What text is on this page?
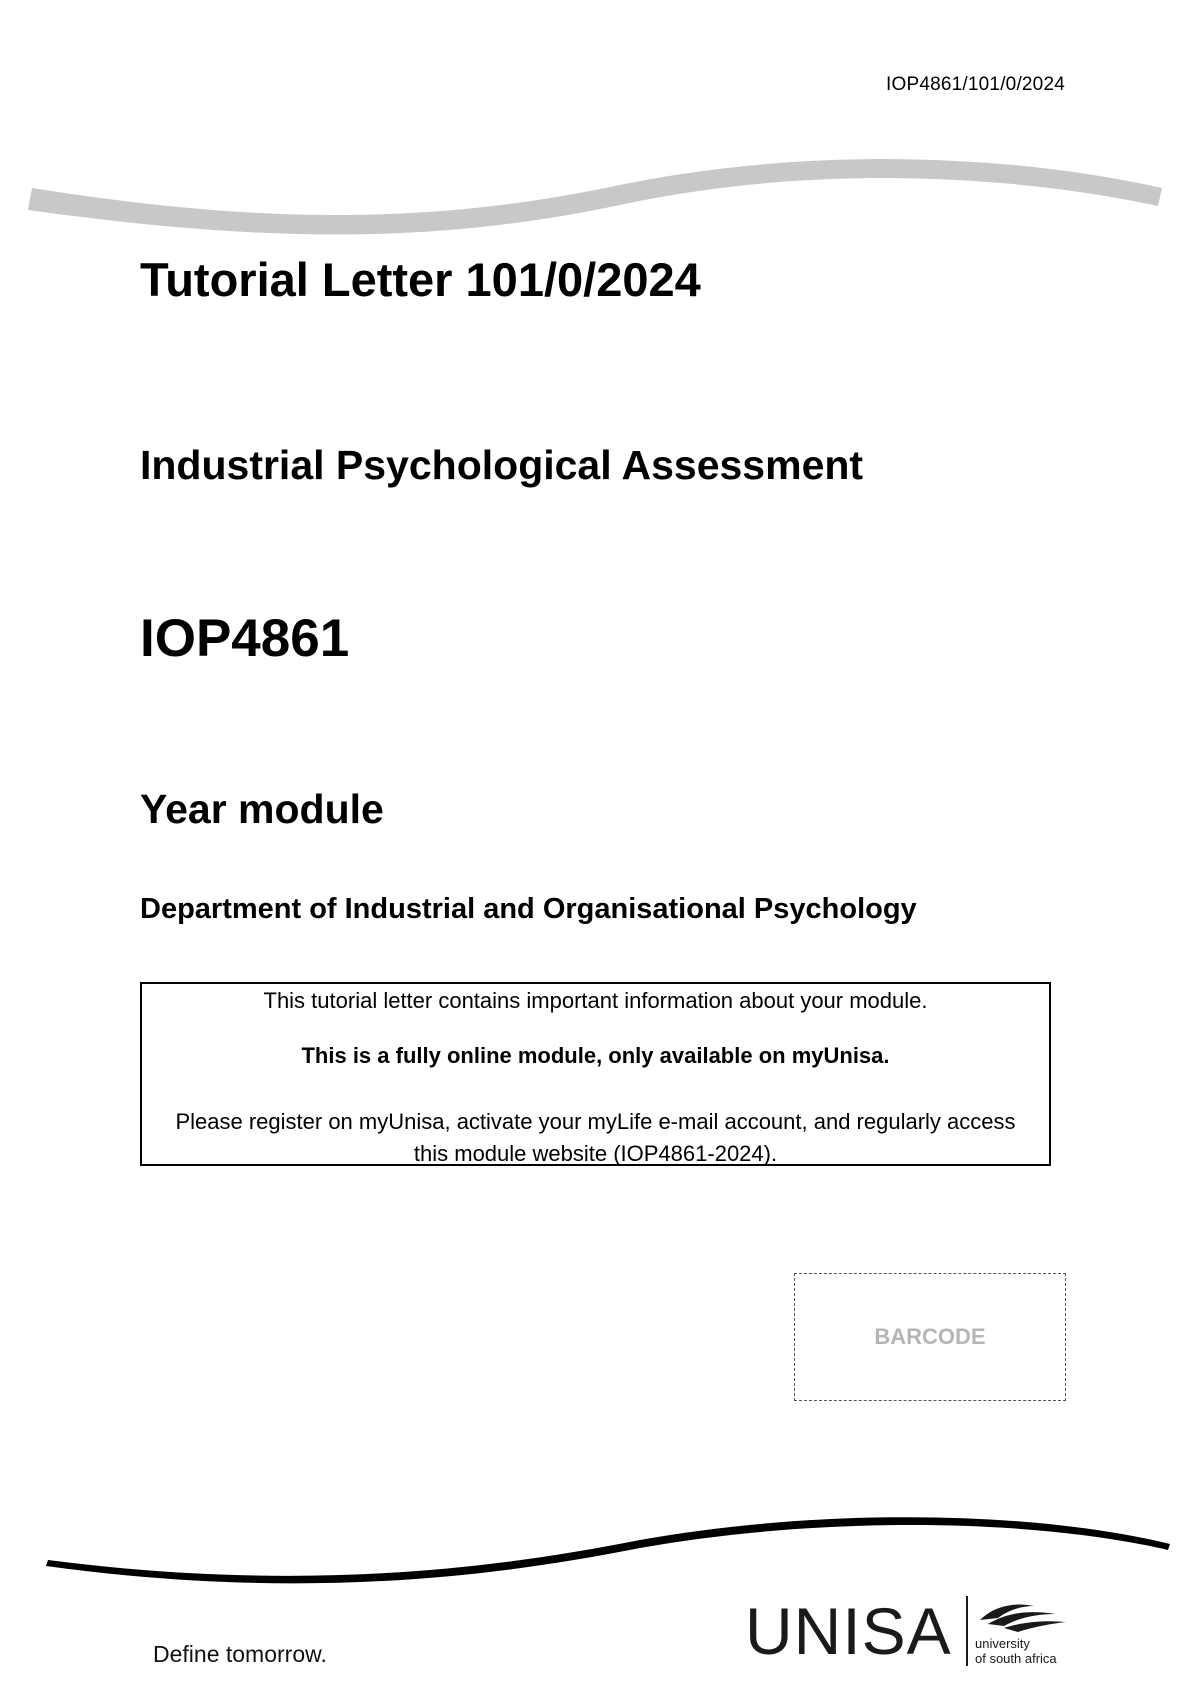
IOP4861/101/0/2024
Tutorial Letter 101/0/2024
Industrial Psychological Assessment
IOP4861
Year module
Department of Industrial and Organisational Psychology

This tutorial letter contains important information about your module.

This is a fully online module, only available on myUnisa.

Please register on myUnisa, activate your myLife e-mail account, and regularly access this module website (IOP4861-2024).

BARCODE
Define tomorrow.	UNISA university
of south africa
